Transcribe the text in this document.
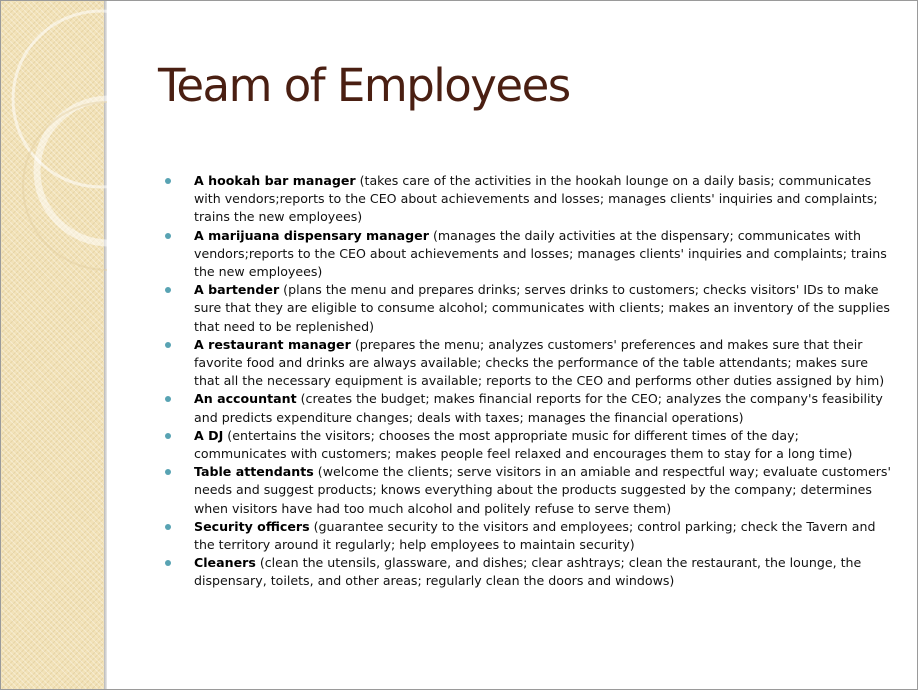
Team of Employees
A hookah bar manager (takes care of the activities in the hookah lounge on a daily basis; communicates with vendors;reports to the CEO about achievements and losses; manages clients' inquiries and complaints; trains the new employees)
A marijuana dispensary manager (manages the daily activities at the dispensary; communicates with vendors;reports to the CEO about achievements and losses; manages clients' inquiries and complaints; trains the new employees)
A bartender (plans the menu and prepares drinks; serves drinks to customers; checks visitors' IDs to make sure that they are eligible to consume alcohol; communicates with clients; makes an inventory of the supplies that need to be replenished)
A restaurant manager (prepares the menu; analyzes customers' preferences and makes sure that their favorite food and drinks are always available; checks the performance of the table attendants; makes sure that all the necessary equipment is available; reports to the CEO and performs other duties assigned by him)
An accountant (creates the budget; makes financial reports for the CEO; analyzes the company's feasibility and predicts expenditure changes; deals with taxes; manages the financial operations)
A DJ (entertains the visitors; chooses the most appropriate music for different times of the day; communicates with customers; makes people feel relaxed and encourages them to stay for a long time)
Table attendants (welcome the clients; serve visitors in an amiable and respectful way; evaluate customers' needs and suggest products; knows everything about the products suggested by the company; determines when visitors have had too much alcohol and politely refuse to serve them)
Security officers (guarantee security to the visitors and employees; control parking; check the Tavern and the territory around it regularly; help employees to maintain security)
Cleaners (clean the utensils, glassware, and dishes; clear ashtrays; clean the restaurant, the lounge, the dispensary, toilets, and other areas; regularly clean the doors and windows)
